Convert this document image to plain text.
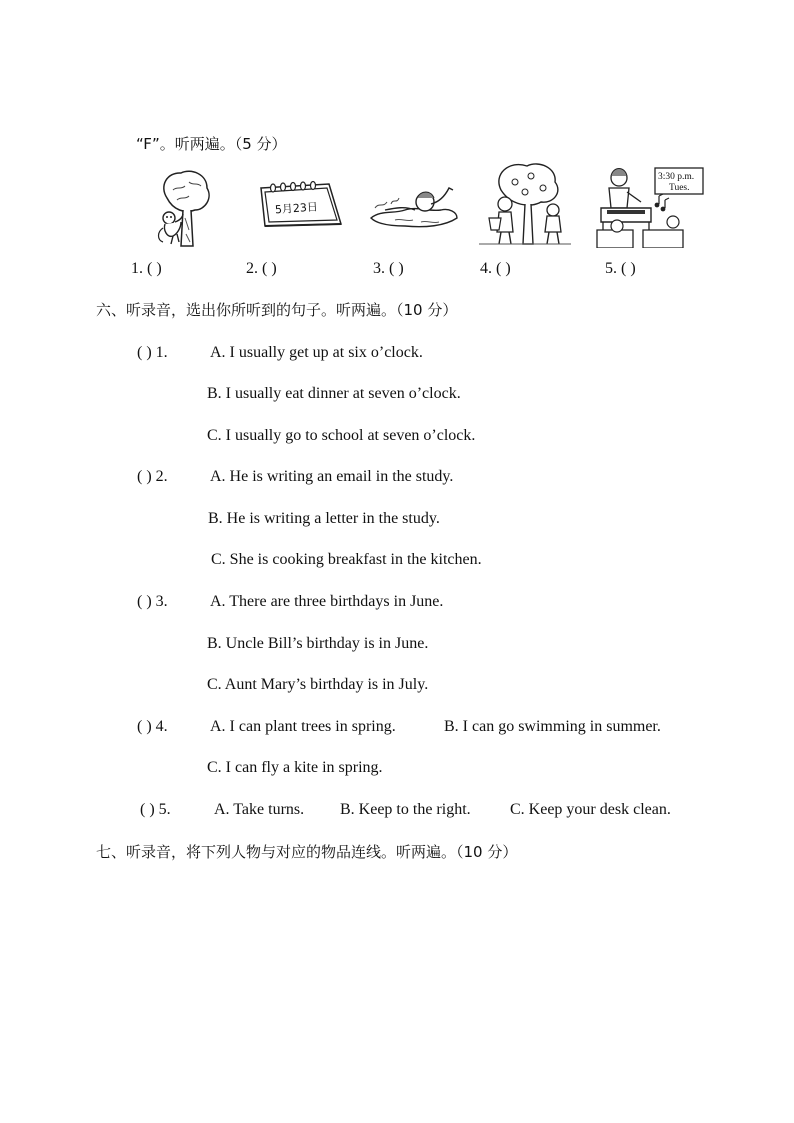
“F”。听两遍。（5 分）
5月23日
3:30 p.m.
Tues.
1. ( )	2. ( )	3. ( )	4. ( )	5. ( )
六、听录音，选出你所听到的句子。听两遍。（10 分）
( ) 1.	A. I usually get up at six o’clock.
B. I usually eat dinner at seven o’clock.
C. I usually go to school at seven o’clock.
( ) 2.	A. He is writing an email in the study.
B. He is writing a letter in the study.
C. She is cooking breakfast in the kitchen.
( ) 3.	A. There are three birthdays in June.
B. Uncle Bill’s birthday is in June.
C. Aunt Mary’s birthday is in July.
( ) 4.	A. I can plant trees in spring.	B. I can go swimming in summer.
C. I can fly a kite in spring.
( ) 5.	A. Take turns. B. Keep to the right. C. Keep your desk clean.
七、听录音，将下列人物与对应的物品连线。听两遍。（10 分）
